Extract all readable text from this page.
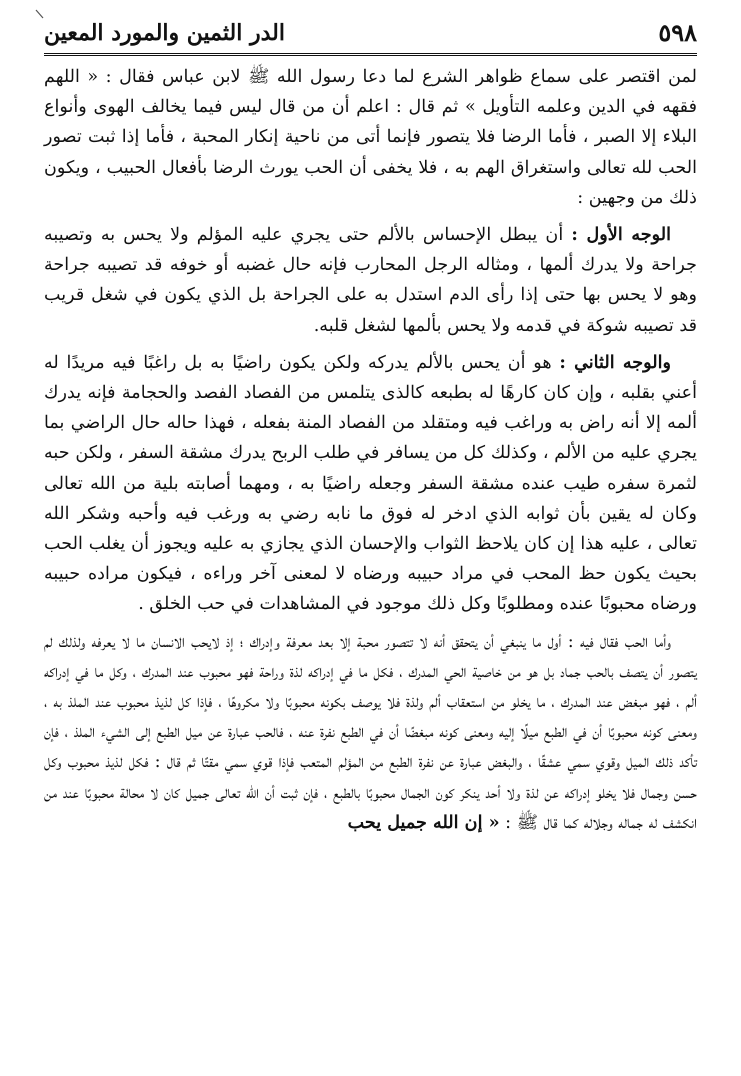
٥٩٨
الدر الثمين والمورد المعين

لمن اقتصر على سماع ظواهر الشرع لما دعا رسول الله ﷺ لابن عباس فقال : « اللهم فقهه في الدين وعلمه التأويل » ثم قال : اعلم أن من قال ليس فيما يخالف الهوى وأنواع البلاء إلا الصبر ، فأما الرضا فلا يتصور فإنما أتى من ناحية إنكار المحبة ، فأما إذا ثبت تصور الحب لله تعالى واستغراق الهم به ، فلا يخفى أن الحب يورث الرضا بأفعال الحبيب ، ويكون ذلك من وجهين :

الوجه الأول : أن يبطل الإحساس بالألم حتى يجري عليه المؤلم ولا يحس به وتصيبه جراحة ولا يدرك ألمها ، ومثاله الرجل المحارب فإنه حال غضبه أو خوفه قد تصيبه جراحة وهو لا يحس بها حتى إذا رأى الدم استدل به على الجراحة بل الذي يكون في شغل قريب قد تصيبه شوكة في قدمه ولا يحس بألمها لشغل قلبه.

والوجه الثاني : هو أن يحس بالألم يدركه ولكن يكون راضيًا به بل راغبًا فيه مريدًا له أعني بقلبه ، وإن كان كارهًا له بطبعه كالذى يتلمس من الفصاد الفصد والحجامة فإنه يدرك ألمه إلا أنه راض به وراغب فيه ومتقلد من الفصاد المنة بفعله ، فهذا حاله حال الراضي بما يجري عليه من الألم ، وكذلك كل من يسافر في طلب الربح يدرك مشقة السفر ، ولكن حبه لثمرة سفره طيب عنده مشقة السفر وجعله راضيًا به ، ومهما أصابته بلية من الله تعالى وكان له يقين بأن ثوابه الذي ادخر له فوق ما نابه رضي به ورغب فيه وأحبه وشكر الله تعالى ، عليه هذا إن كان يلاحظ الثواب والإحسان الذي يجازي به عليه ويجوز أن يغلب الحب بحيث يكون حظ المحب في مراد حبيبه ورضاه لا لمعنى آخر وراءه ، فيكون مراده حبيبه ورضاه محبوبًا عنده ومطلوبًا وكل ذلك موجود في المشاهدات في حب الخلق .

وأما الحب فقال فيه : أول ما ينبغي أن يتحقق أنه لا تتصور محبة إلا بعد معرفة وإدراك ؛ إذ لايحب الانسان ما لا يعرفه ولذلك لم يتصور أن يتصف بالحب جماد بل هو من خاصية الحي المدرك ، فكل ما في إدراكه لذة وراحة فهو محبوب عند المدرك ، وكل ما في إدراكه ألم ، فهو مبغض عند المدرك ، ما يخلو من استعقاب ألم ولذة فلا يوصف بكونه محبوبًا ولا مكروهًا ، فإذا كل لذيذ محبوب عند الملذ به ، ومعنى كونه محبوبًا أن في الطبع ميلًا إليه ومعنى كونه مبغضًا أن في الطبع نفرة عنه ، فالحب عبارة عن ميل الطبع إلى الشيء الملذ ، فإن تأكد ذلك الميل وقوي سمي عشقًا ، والبغض عبارة عن نفرة الطبع من المؤلم المتعب فإذا قوي سمي مقتًا ثم قال : فكل لذيذ محبوب وكل حسن وجمال فلا يخلو إدراكه عن لذة ولا أحد ينكر كون الجمال محبوبًا بالطبع ، فإن ثبت أن الله تعالى جميل كان لا محالة محبوبًا عند من انكشف له جماله وجلاله كما قال ﷺ : « إن الله جميل يحب
